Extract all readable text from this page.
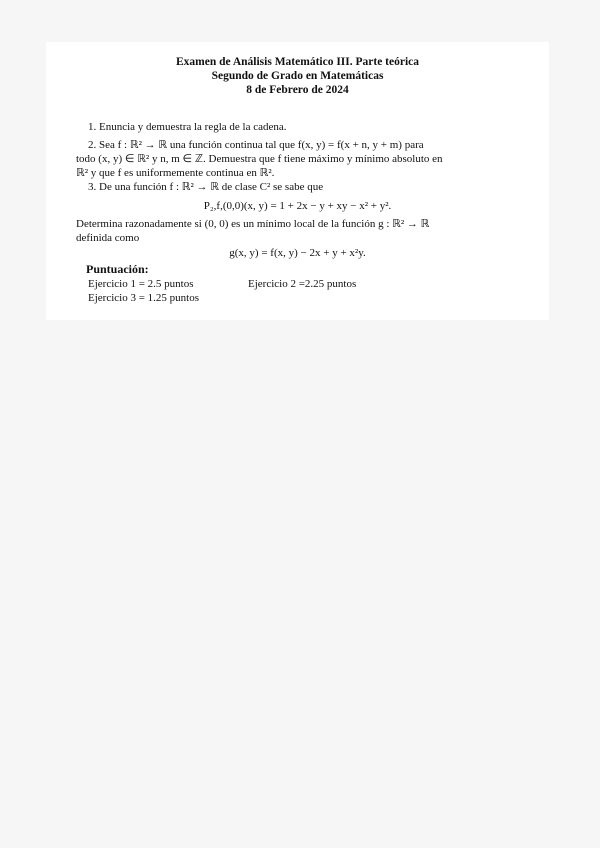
Examen de Análisis Matemático III. Parte teórica
Segundo de Grado en Matemáticas
8 de Febrero de 2024
1. Enuncia y demuestra la regla de la cadena.
2. Sea f : ℝ² → ℝ una función continua tal que f(x, y) = f(x + n, y + m) para
todo (x, y) ∈ ℝ² y n, m ∈ ℤ. Demuestra que f tiene máximo y mínimo absoluto en
ℝ² y que f es uniformemente continua en ℝ².
3. De una función f : ℝ² → ℝ de clase C² se sabe que
P₂,f,(0,0)(x, y) = 1 + 2x − y + xy − x² + y².
Determina razonadamente si (0, 0) es un mínimo local de la función g : ℝ² → ℝ
definida como
g(x, y) = f(x, y) − 2x + y + x²y.
Puntuación:
Ejercicio 1 = 2.5 puntos	Ejercicio 2 =2.25 puntos
Ejercicio 3 = 1.25 puntos
